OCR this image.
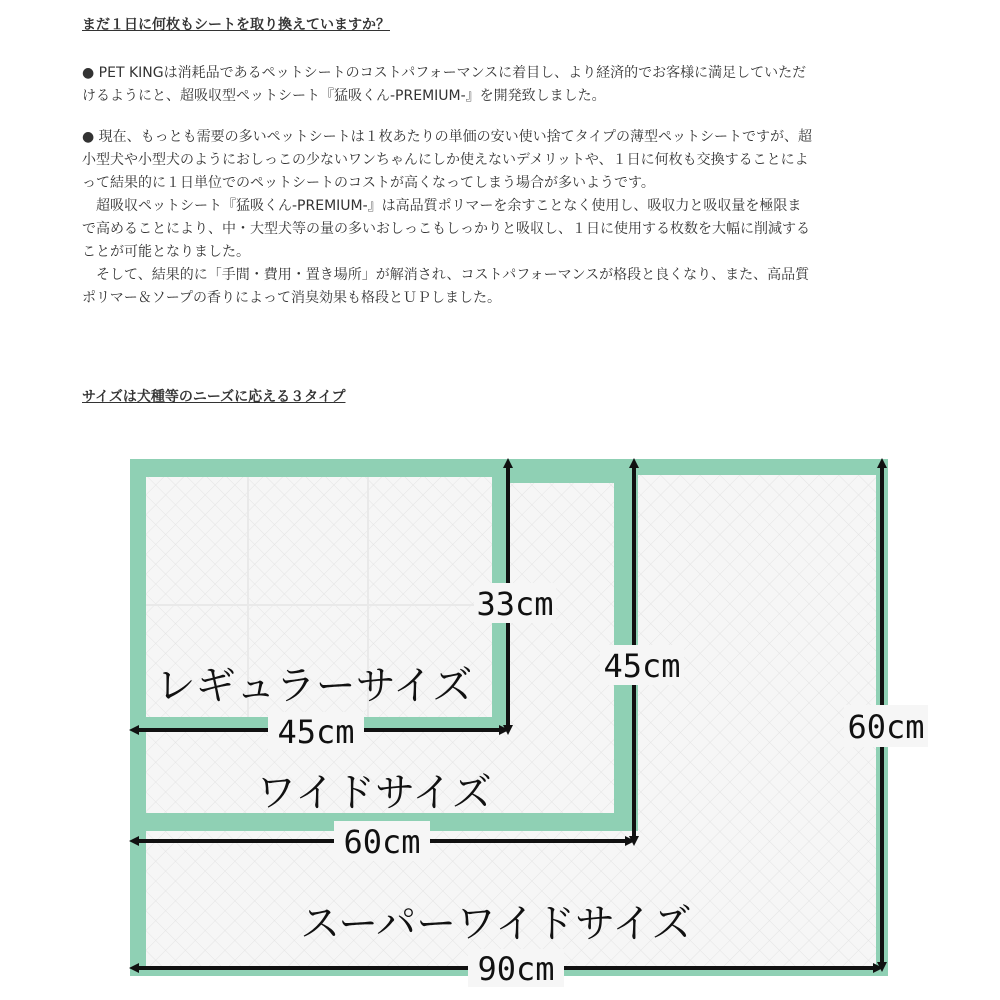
まだ１日に何枚もシートを取り換えていますか？

● PET KINGは消耗品であるペットシートのコストパフォーマンスに着目し、より経済的でお客様に満足していただ
けるようにと、超吸収型ペットシート『猛吸くん-PREMIUM-』を開発致しました。

● 現在、もっとも需要の多いペットシートは１枚あたりの単価の安い使い捨てタイプの薄型ペットシートですが、超
小型犬や小型犬のようにおしっこの少ないワンちゃんにしか使えないデメリットや、１日に何枚も交換することによ
って結果的に１日単位でのペットシートのコストが高くなってしまう場合が多いようです。
超吸収ペットシート『猛吸くん-PREMIUM-』は高品質ポリマーを余すことなく使用し、吸収力と吸収量を極限ま
で高めることにより、中・大型犬等の量の多いおしっこもしっかりと吸収し、１日に使用する枚数を大幅に削減する
ことが可能となりました。
そして、結果的に「手間・費用・置き場所」が解消され、コストパフォーマンスが格段と良くなり、また、高品質
ポリマー＆ソープの香りによって消臭効果も格段とＵＰしました。

サイズは犬種等のニーズに応える３タイプ
33cm
45cm
45cm
60cm
60cm
90cm
レギュラーサイズ
ワイドサイズ
スーパーワイドサイズ
